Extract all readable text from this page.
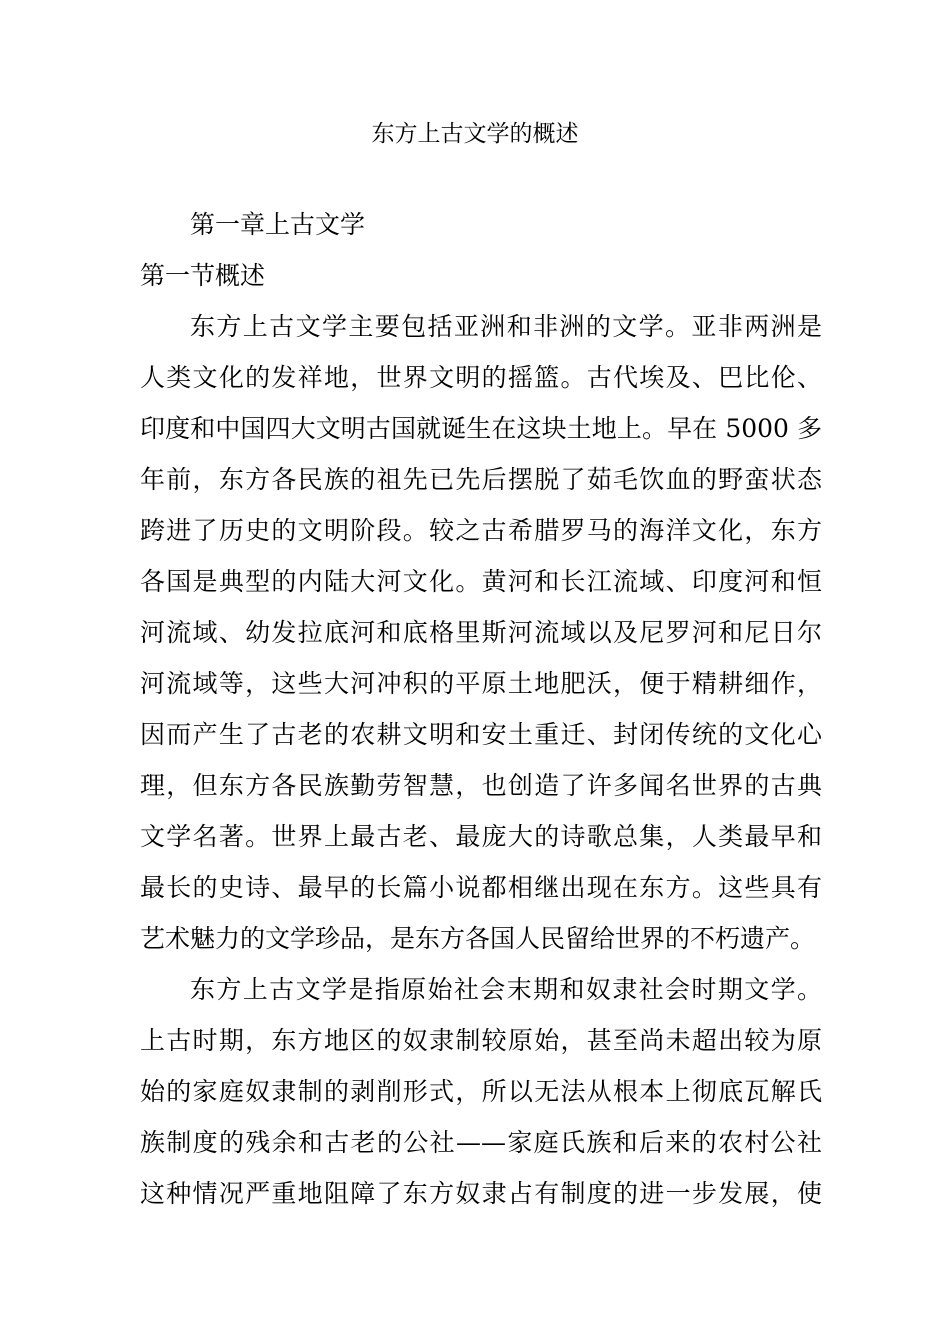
东方上古文学的概述
第一章上古文学
第一节概述

东方上古文学主要包括亚洲和非洲的文学。亚非两洲是

人类文化的发祥地，世界文明的摇篮。古代埃及、巴比伦、

印度和中国四大文明古国就诞生在这块土地上。早在 5000 多

年前，东方各民族的祖先已先后摆脱了茹毛饮血的野蛮状态

跨进了历史的文明阶段。较之古希腊罗马的海洋文化，东方

各国是典型的内陆大河文化。黄河和长江流域、印度河和恒

河流域、幼发拉底河和底格里斯河流域以及尼罗河和尼日尔

河流域等，这些大河冲积的平原土地肥沃，便于精耕细作，

因而产生了古老的农耕文明和安土重迁、封闭传统的文化心

理，但东方各民族勤劳智慧，也创造了许多闻名世界的古典

文学名著。世界上最古老、最庞大的诗歌总集，人类最早和

最长的史诗、最早的长篇小说都相继出现在东方。这些具有

艺术魅力的文学珍品，是东方各国人民留给世界的不朽遗产。

东方上古文学是指原始社会末期和奴隶社会时期文学。

上古时期，东方地区的奴隶制较原始，甚至尚未超出较为原

始的家庭奴隶制的剥削形式，所以无法从根本上彻底瓦解氏

族制度的残余和古老的公社——家庭氏族和后来的农村公社

这种情况严重地阻障了东方奴隶占有制度的进一步发展，使
